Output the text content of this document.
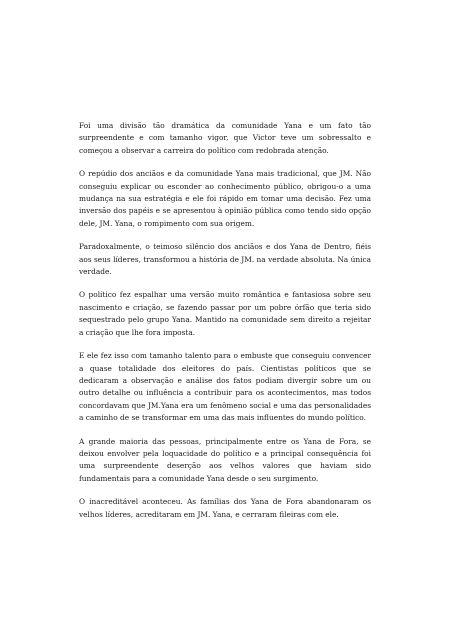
Foi uma divisão tão dramática da comunidade Yana e um fato tão surpreendente e com tamanho vigor, que Victor teve um sobressalto e começou a observar a carreira do político com redobrada atenção.

O repúdio dos anciãos e da comunidade Yana mais tradicional, que JM. Não conseguiu explicar ou esconder ao conhecimento público, obrigou-o a uma mudança na sua estratégia e ele foi rápido em tomar uma decisão. Fez uma inversão dos papéis e se apresentou à opinião pública como tendo sido opção dele, JM. Yana, o rompimento com sua origem.

Paradoxalmente, o teimoso silêncio dos anciãos e dos Yana de Dentro, fiéis aos seus líderes, transformou a história de JM. na verdade absoluta. Na única verdade.

O político fez espalhar uma versão muito romântica e fantasiosa sobre seu nascimento e criação, se fazendo passar por um pobre órfão que teria sido sequestrado pelo grupo Yana. Mantido na comunidade sem direito a rejeitar a criação que lhe fora imposta.

E ele fez isso com tamanho talento para o embuste que conseguiu convencer a quase totalidade dos eleitores do país. Cientistas políticos que se dedicaram a observação e análise dos fatos podiam divergir sobre um ou outro detalhe ou influência a contribuir para os acontecimentos, mas todos concordavam que JM.Yana era um fenômeno social e uma das personalidades a caminho de se transformar em uma das mais influentes do mundo político.

A grande maioria das pessoas, principalmente entre os Yana de Fora, se deixou envolver pela loquacidade do político e a principal consequência foi uma surpreendente deserção aos velhos valores que haviam sido fundamentais para a comunidade Yana desde o seu surgimento.

O inacreditável aconteceu. As famílias dos Yana de Fora abandonaram os velhos líderes, acreditaram em JM. Yana, e cerraram fileiras com ele.
